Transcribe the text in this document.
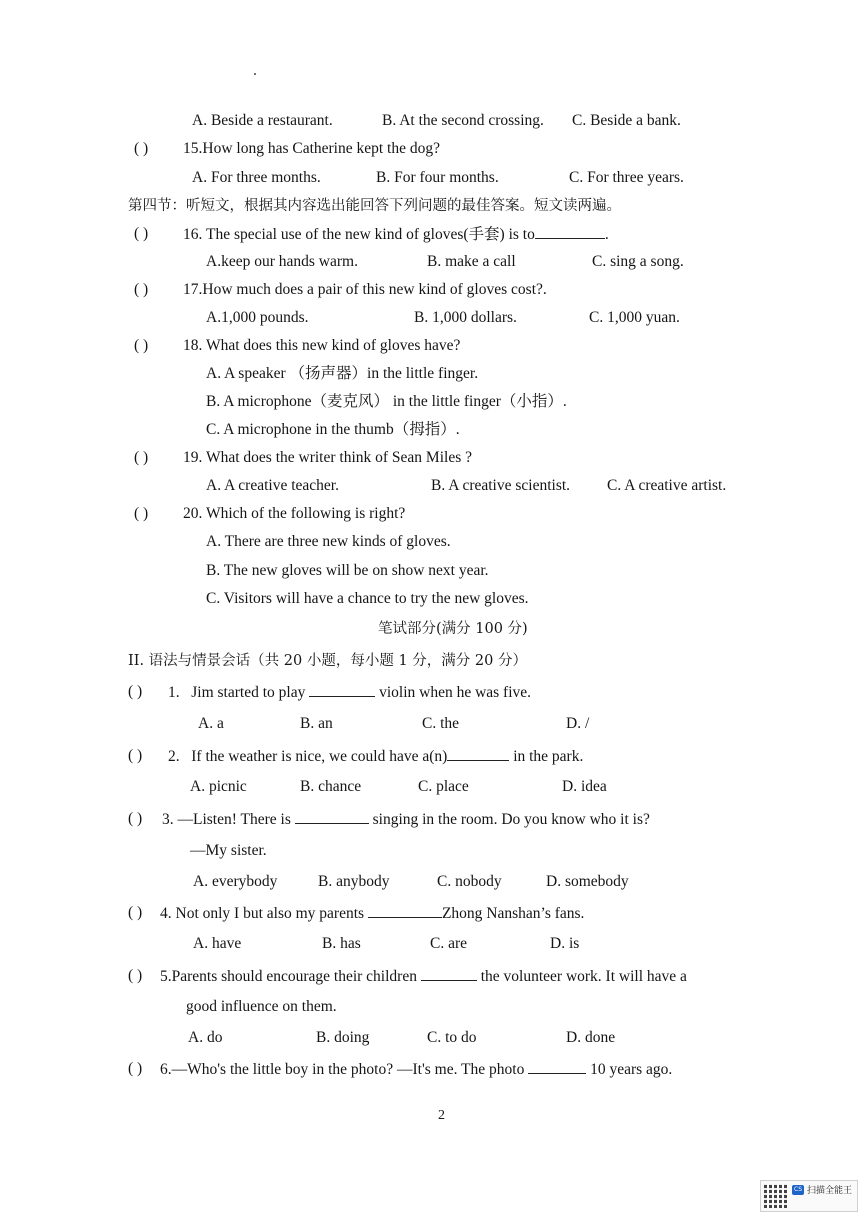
A. Beside a restaurant.	B. At the second crossing. C. Beside a bank.
( ) 15.How long has Catherine kept the dog?
A. For three months.	B. For four months.	C. For three years.
第四节：听短文，根据其内容选出能回答下列问题的最佳答案。短文读两遍。
( ) 16. The special use of the new kind of gloves(手套) is to	.
A.keep our hands warm.	B. make a call	C. sing a song.
( ) 17.How much does a pair of this new kind of gloves cost?.
A.1,000 pounds.	B. 1,000 dollars.	C. 1,000 yuan.
( ) 18. What does this new kind of gloves have?
A. A speaker （扬声器）in the little finger.
B. A microphone（麦克风） in the little finger（小指）.
C. A microphone in the thumb（拇指）.
( ) 19. What does the writer think of Sean Miles ?
A. A creative teacher.	B. A creative scientist. C. A creative artist.
( ) 20. Which of the following is right?
A. There are three new kinds of gloves.
B. The new gloves will be on show next year.
C. Visitors will have a chance to try the new gloves.
笔试部分(满分 100 分)
II. 语法与情景会话（共 20 小题，每小题 1 分，满分 20 分）
( ) 1. Jim started to play	violin when he was five.
A. a	B. an	C. the	D. /
( ) 2. If the weather is nice, we could have a(n)	in the park.
A. picnic	B. chance	C. place	D. idea
( ) 3. —Listen! There is	singing in the room. Do you know who it is?
—My sister.
A. everybody	B. anybody	C. nobody	D. somebody
( ) 4. Not only I but also my parents	Zhong Nanshan’s fans.
A. have	B. has	C. are	D. is
( ) 5.Parents should encourage their children	the volunteer work. It will have a
good influence on them.
A. do	B. doing	C. to do	D. done
( ) 6.—Who's the little boy in the photo? —It's me. The photo	10 years ago.
2
CS 扫描全能王
